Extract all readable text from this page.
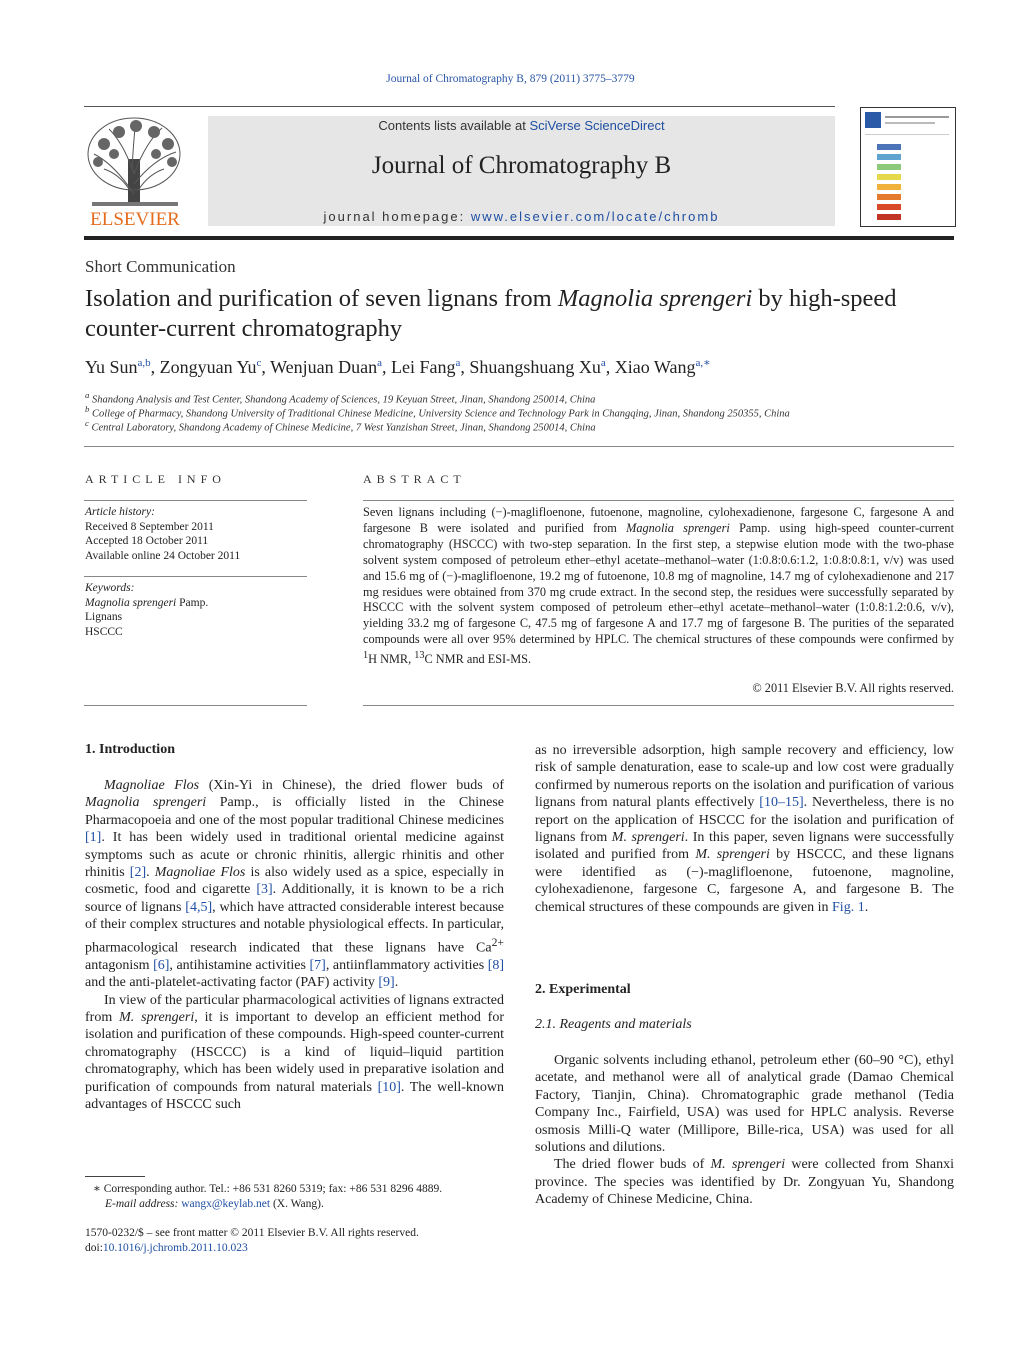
Journal of Chromatography B, 879 (2011) 3775–3779
ELSEVIER
Contents lists available at SciVerse ScienceDirect
Journal of Chromatography B
journal homepage: www.elsevier.com/locate/chromb
Short Communication
Isolation and purification of seven lignans from Magnolia sprengeri by high-speed counter-current chromatography
Yu Sun$^{a,b}$, Zongyuan Yu$^c$, Wenjuan Duan$^a$, Lei Fang$^a$, Shuangshuang Xu$^a$, Xiao Wang$^{a,∗}$
$^a$ Shandong Analysis and Test Center, Shandong Academy of Sciences, 19 Keyuan Street, Jinan, Shandong 250014, China
$^b$ College of Pharmacy, Shandong University of Traditional Chinese Medicine, University Science and Technology Park in Changqing, Jinan, Shandong 250355, China
$^c$ Central Laboratory, Shandong Academy of Chinese Medicine, 7 West Yanzishan Street, Jinan, Shandong 250014, China
ARTICLE INFO
Article history:
Received 8 September 2011
Accepted 18 October 2011
Available online 24 October 2011
Keywords:
Magnolia sprengeri Pamp.
Lignans
HSCCC
ABSTRACT
Seven lignans including (−)-maglifloenone, futoenone, magnoline, cylohexadienone, fargesone C, fargesone A and fargesone B were isolated and purified from Magnolia sprengeri Pamp. using high-speed counter-current chromatography (HSCCC) with two-step separation. In the first step, a stepwise elution mode with the two-phase solvent system composed of petroleum ether–ethyl acetate–methanol–water (1:0.8:0.6:1.2, 1:0.8:0.8:1, v/v) was used and 15.6 mg of (−)-maglifloenone, 19.2 mg of futoenone, 10.8 mg of magnoline, 14.7 mg of cylohexadienone and 217 mg residues were obtained from 370 mg crude extract. In the second step, the residues were successfully separated by HSCCC with the solvent system composed of petroleum ether–ethyl acetate–methanol–water (1:0.8:1.2:0.6, v/v), yielding 33.2 mg of fargesone C, 47.5 mg of fargesone A and 17.7 mg of fargesone B. The purities of the separated compounds were all over 95% determined by HPLC. The chemical structures of these compounds were confirmed by $^1$H NMR, $^{13}$C NMR and ESI-MS.
© 2011 Elsevier B.V. All rights reserved.
1. Introduction

Magnoliae Flos (Xin-Yi in Chinese), the dried flower buds of Magnolia sprengeri Pamp., is officially listed in the Chinese Pharmacopoeia and one of the most popular traditional Chinese medicines [1]. It has been widely used in traditional oriental medicine against symptoms such as acute or chronic rhinitis, allergic rhinitis and other rhinitis [2]. Magnoliae Flos is also widely used as a spice, especially in cosmetic, food and cigarette [3]. Additionally, it is known to be a rich source of lignans [4,5], which have attracted considerable interest because of their complex structures and notable physiological effects. In particular, pharmacological research indicated that these lignans have $Ca^{2+}$ antagonism [6], antihistamine activities [7], antiinflammatory activities [8] and the anti-platelet-activating factor (PAF) activity [9].

In view of the particular pharmacological activities of lignans extracted from M. sprengeri, it is important to develop an efficient method for isolation and purification of these compounds. High-speed counter-current chromatography (HSCCC) is a kind of liquid–liquid partition chromatography, which has been widely used in preparative isolation and purification of compounds from natural materials [10]. The well-known advantages of HSCCC such

as no irreversible adsorption, high sample recovery and efficiency, low risk of sample denaturation, ease to scale-up and low cost were gradually confirmed by numerous reports on the isolation and purification of various lignans from natural plants effectively [10–15]. Nevertheless, there is no report on the application of HSCCC for the isolation and purification of lignans from M. sprengeri. In this paper, seven lignans were successfully isolated and purified from M. sprengeri by HSCCC, and these lignans were identified as (−)-maglifloenone, futoenone, magnoline, cylohexadienone, fargesone C, fargesone A, and fargesone B. The chemical structures of these compounds are given in Fig. 1.

2. Experimental
2.1. Reagents and materials

Organic solvents including ethanol, petroleum ether (60–90 °C), ethyl acetate, and methanol were all of analytical grade (Damao Chemical Factory, Tianjin, China). Chromatographic grade methanol (Tedia Company Inc., Fairfield, USA) was used for HPLC analysis. Reverse osmosis Milli-Q water (Millipore, Bille-rica, USA) was used for all solutions and dilutions.

The dried flower buds of M. sprengeri were collected from Shanxi province. The species was identified by Dr. Zongyuan Yu, Shandong Academy of Chinese Medicine, China.

∗ Corresponding author. Tel.: +86 531 8260 5319; fax: +86 531 8296 4889.
E-mail address: wangx@keylab.net (X. Wang).
1570-0232/$ – see front matter © 2011 Elsevier B.V. All rights reserved.
doi:10.1016/j.jchromb.2011.10.023
